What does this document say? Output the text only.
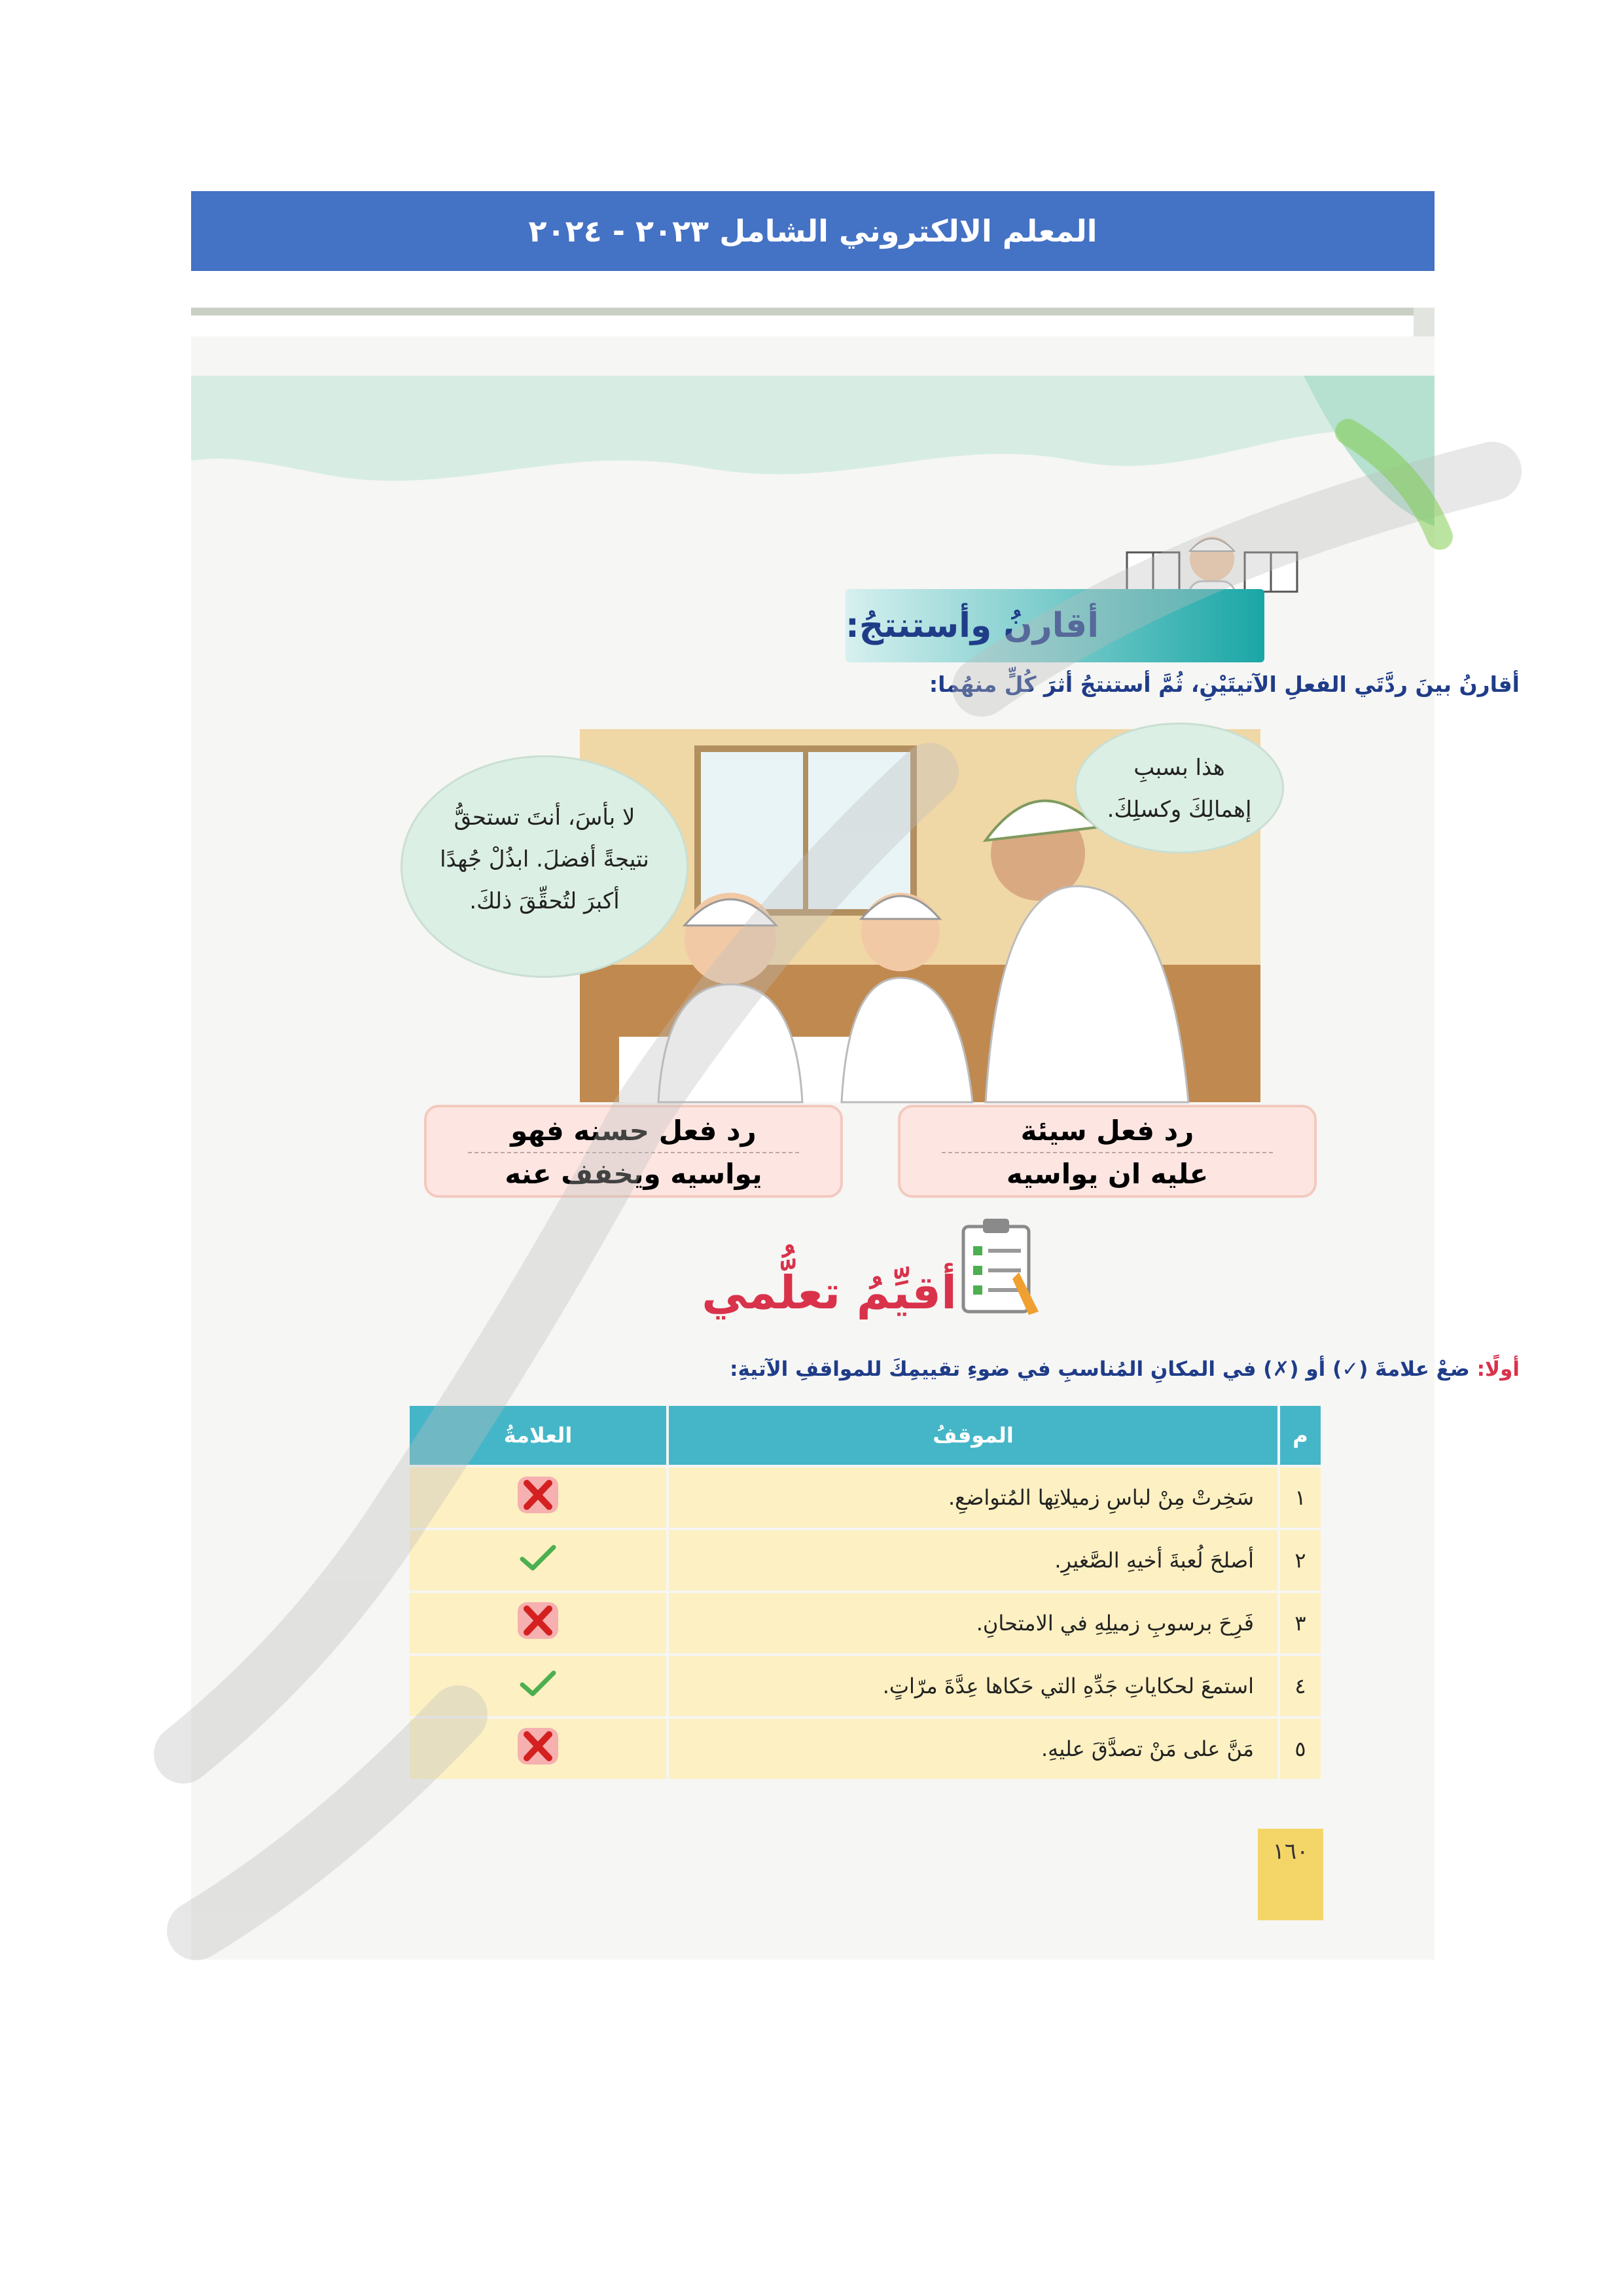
المعلم الالكتروني الشامل ٢٠٢٣ - ٢٠٢٤
أقارنُ وأستنتجُ:
أقارنُ بينَ ردَّتَي الفعلِ الآتيتَيْنِ، ثُمَّ أستنتجُ أثرَ كُلٍّ منهُما:
لا بأسَ، أنتَ تستحقُّ
نتيجةً أفضلَ. ابذُلْ جُهدًا
أكبرَ لتُحقِّقَ ذلكَ.
هذا بسببِ
إهمالِكَ وكسلِكَ.
رد فعل حسنه فهو
يواسيه ويخفف عنه
رد فعل سيئة
عليه ان يواسيه
أقيِّمُ تعلُّمي
أولًا: ضعْ علامةَ (✓) أو (✗) في المكانِ المُناسبِ في ضوءِ تقييمِكَ للمواقفِ الآتيةِ:
م	الموقفُ	العلامةُ
١	سَخِرتْ مِنْ لباسِ زميلاتِها المُتواضعِ.	
٢	أصلحَ لُعبةَ أخيهِ الصَّغيرِ.	
٣	فَرِحَ برسوبِ زميلِهِ في الامتحانِ.	
٤	استمعَ لحكاياتِ جَدِّهِ التي حَكاها عِدَّةَ مرّاتٍ.	
٥	مَنَّ على مَنْ تصدَّقَ عليهِ.	
١٦٠
